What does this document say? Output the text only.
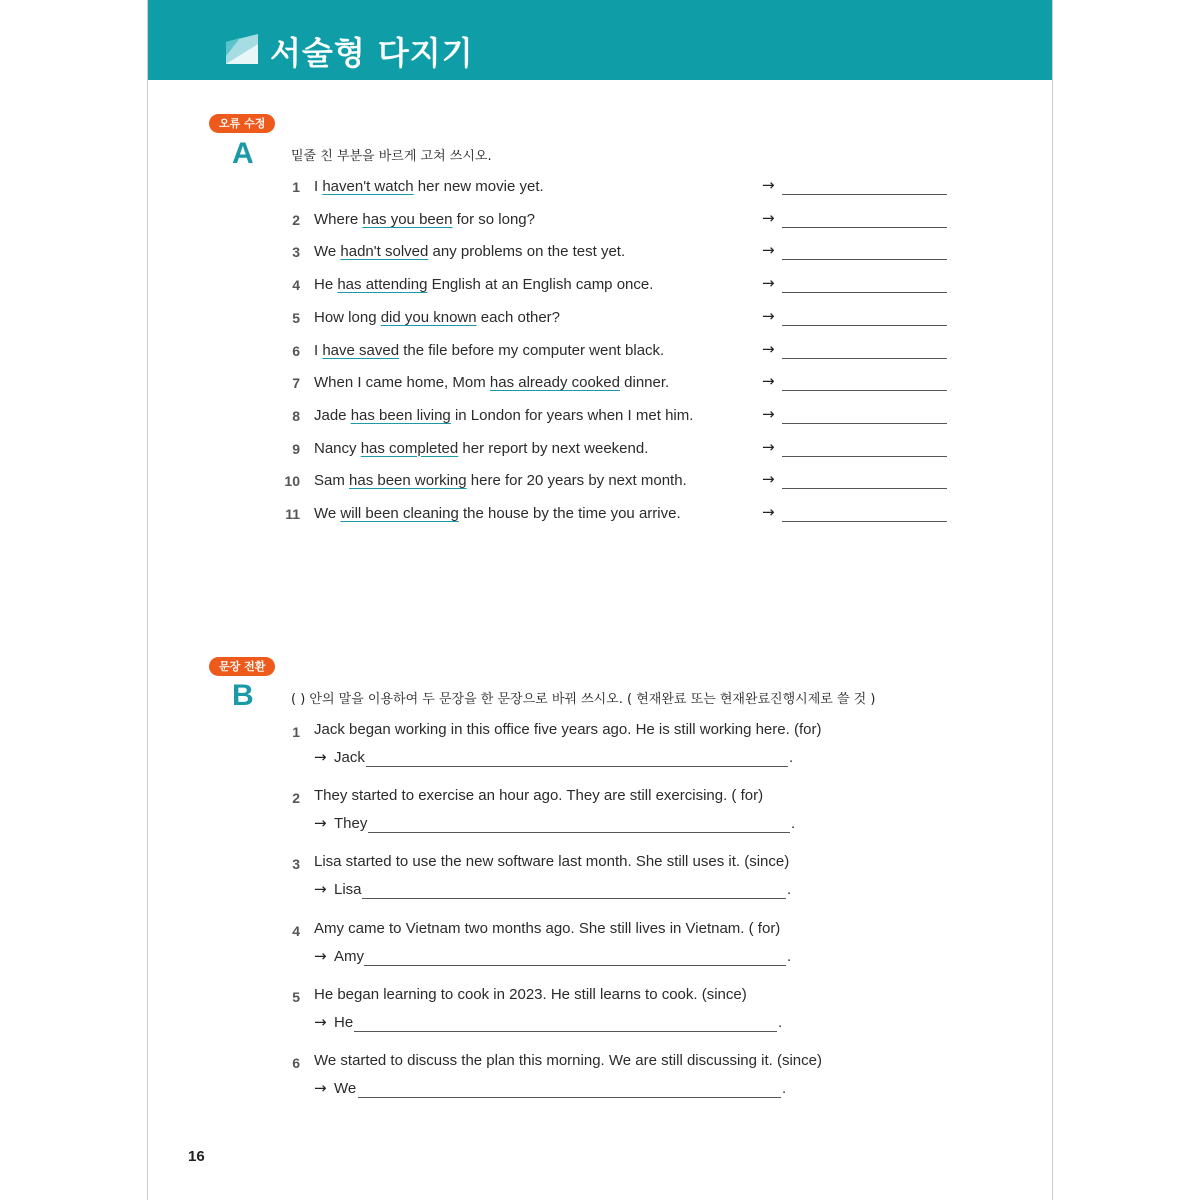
서술형 다지기
오류 수정
A	밑줄 친 부분을 바르게 고쳐 쓰시오.
1 I haven't watch her new movie yet.	→
2 Where has you been for so long?	→
3 We hadn't solved any problems on the test yet.	→
4 He has attending English at an English camp once.	→
5 How long did you known each other?	→
6 I have saved the file before my computer went black.	→
7 When I came home, Mom has already cooked dinner.	→
8 Jade has been living in London for years when I met him.	→
9 Nancy has completed her report by next weekend.	→
10 Sam has been working here for 20 years by next month.	→
11 We will been cleaning the house by the time you arrive.	→
문장 전환
B	( ) 안의 말을 이용하여 두 문장을 한 문장으로 바꿔 쓰시오. ( 현재완료 또는 현재완료진행시제로 쓸 것 )
1 Jack began working in this office five years ago. He is still working here. (for)
→ Jack	.
2 They started to exercise an hour ago. They are still exercising. ( for)
→ They	.
3 Lisa started to use the new software last month. She still uses it. (since)
→ Lisa	.
4 Amy came to Vietnam two months ago. She still lives in Vietnam. ( for)
→ Amy	.
5 He began learning to cook in 2023. He still learns to cook. (since)
→ He	.
6 We started to discuss the plan this morning. We are still discussing it. (since)
→ We	.
16
